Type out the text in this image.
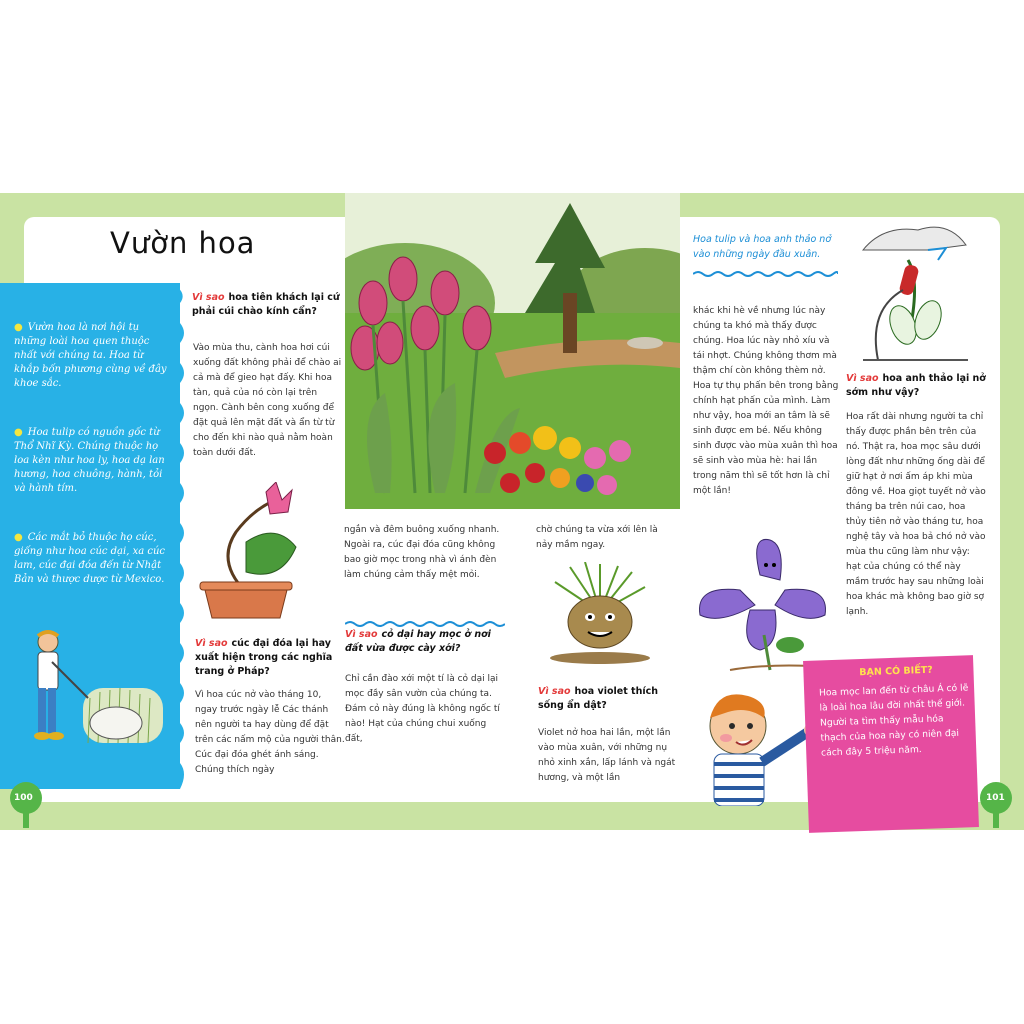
Vườn hoa
● Vườn hoa là nơi hội tụ những loài hoa quen thuộc nhất với chúng ta. Hoa từ khắp bốn phương cùng về đây khoe sắc.
● Hoa tulip có nguồn gốc từ Thổ Nhĩ Kỳ. Chúng thuộc họ loa kèn như hoa ly, hoa dạ lan hương, hoa chuông, hành, tỏi và hành tím.
● Các mắt bỏ thuộc họ cúc, giống như hoa cúc dại, xa cúc lam, cúc đại đóa đến từ Nhật Bản và thược dược từ Mexico.
Vì sao hoa tiên khách lại cứ phải cúi chào kính cẩn?
Vào mùa thu, cành hoa hơi cúi xuống đất không phải để chào ai cả mà để gieo hạt đấy. Khi hoa tàn, quả của nó còn lại trên ngọn. Cành bên cong xuống để đặt quả lên mặt đất và ẩn từ từ cho đến khi nào quả nằm hoàn toàn dưới đất.
Vì sao cúc đại đóa lại hay xuất hiện trong các nghĩa trang ở Pháp?
Vì hoa cúc nở vào tháng 10, ngay trước ngày lễ Các thánh nên người ta hay dùng để đặt trên các nấm mộ của người thân. Cúc đại đóa ghét ánh sáng. Chúng thích ngày
ngắn và đêm buông xuống nhanh. Ngoài ra, cúc đại đóa cũng không bao giờ mọc trong nhà vì ánh đèn làm chúng cảm thấy mệt mỏi.
Vì sao cỏ dại hay mọc ở nơi đất vừa được cày xới?
Chỉ cần đào xới một tí là cỏ dại lại mọc đầy sân vườn của chúng ta. Đám cỏ này đúng là không ngốc tí nào! Hạt của chúng chui xuống đất,
chờ chúng ta vừa xới lên là nảy mầm ngay.
Vì sao hoa violet thích sống ẩn dật?
Violet nở hoa hai lần, một lần vào mùa xuân, với những nụ nhỏ xinh xắn, lấp lánh và ngát hương, và một lần
Hoa tulip và hoa anh thảo nở vào những ngày đầu xuân.
khác khi hè về nhưng lúc này chúng ta khó mà thấy được chúng. Hoa lúc này nhỏ xíu và tái nhợt. Chúng không thơm mà thậm chí còn không thèm nở. Hoa tự thụ phấn bên trong bằng chính hạt phấn của mình. Làm như vậy, hoa mới an tâm là sẽ sinh được em bé. Nếu không sinh được vào mùa xuân thì hoa sẽ sinh vào mùa hè: hai lần trong năm thì sẽ tốt hơn là chỉ một lần!
Vì sao hoa anh thảo lại nở sớm như vậy?
Hoa rất dài nhưng người ta chỉ thấy được phần bên trên của nó. Thật ra, hoa mọc sâu dưới lòng đất như những ống dài để giữ hạt ở nơi ấm áp khi mùa đông về. Hoa giọt tuyết nở vào tháng ba trên núi cao, hoa thủy tiên nở vào tháng tư, hoa nghệ tây và hoa bả chó nở vào mùa thu cũng làm như vậy: hạt của chúng có thể này mầm trước hay sau những loài hoa khác mà không bao giờ sợ lạnh.
BẠN CÓ BIẾT?
Hoa mọc lan đến từ châu Á có lẽ là loài hoa lâu đời nhất thế giới. Người ta tìm thấy mẫu hóa thạch của hoa này có niên đại cách đây 5 triệu năm.
100	101
